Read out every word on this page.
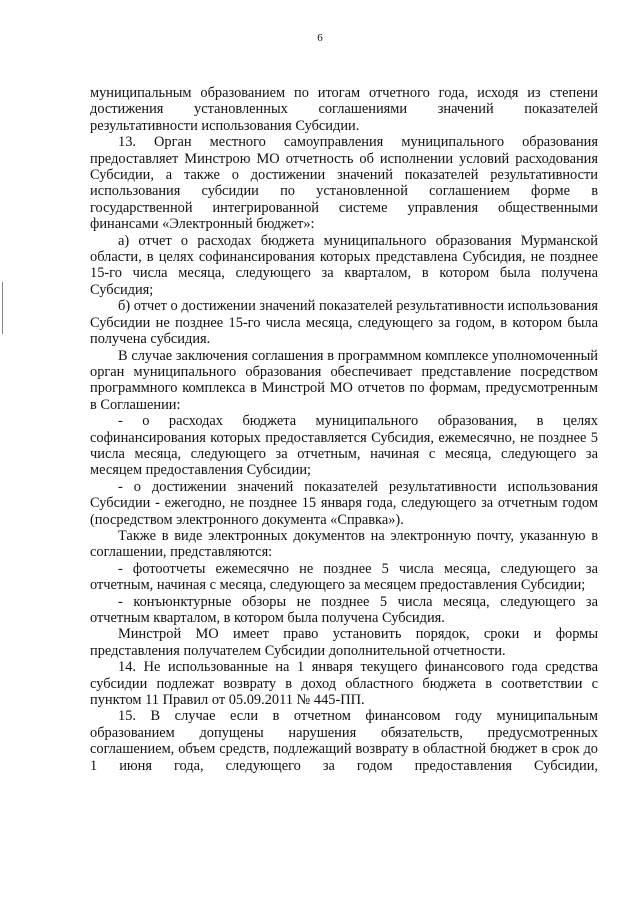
6

муниципальным образованием по итогам отчетного года, исходя из степени достижения установленных соглашениями значений показателей результативности использования Субсидии.

13. Орган местного самоуправления муниципального образования предоставляет Минстрою МО отчетность об исполнении условий расходования Субсидии, а также о достижении значений показателей результативности использования субсидии по установленной соглашением форме в государственной интегрированной системе управления общественными финансами «Электронный бюджет»:

а) отчет о расходах бюджета муниципального образования Мурманской области, в целях софинансирования которых представлена Субсидия, не позднее 15-го числа месяца, следующего за кварталом, в котором была получена Субсидия;

б) отчет о достижении значений показателей результативности использования Субсидии не позднее 15-го числа месяца, следующего за годом, в котором была получена субсидия.

В случае заключения соглашения в программном комплексе уполномоченный орган муниципального образования обеспечивает представление посредством программного комплекса в Минстрой МО отчетов по формам, предусмотренным в Соглашении:

- о расходах бюджета муниципального образования, в целях софинансирования которых предоставляется Субсидия, ежемесячно, не позднее 5 числа месяца, следующего за отчетным, начиная с месяца, следующего за месяцем предоставления Субсидии;

- о достижении значений показателей результативности использования Субсидии - ежегодно, не позднее 15 января года, следующего за отчетным годом (посредством электронного документа «Справка»).

Также в виде электронных документов на электронную почту, указанную в соглашении, представляются:

- фотоотчеты ежемесячно не позднее 5 числа месяца, следующего за отчетным, начиная с месяца, следующего за месяцем предоставления Субсидии;

- конъюнктурные обзоры не позднее 5 числа месяца, следующего за отчетным кварталом, в котором была получена Субсидия.

Минстрой МО имеет право установить порядок, сроки и формы представления получателем Субсидии дополнительной отчетности.

14. Не использованные на 1 января текущего финансового года средства субсидии подлежат возврату в доход областного бюджета в соответствии с пунктом 11 Правил от 05.09.2011 № 445-ПП.

15. В случае если в отчетном финансовом году муниципальным образованием допущены нарушения обязательств, предусмотренных соглашением, объем средств, подлежащий возврату в областной бюджет в срок до 1 июня года, следующего за годом предоставления Субсидии,
